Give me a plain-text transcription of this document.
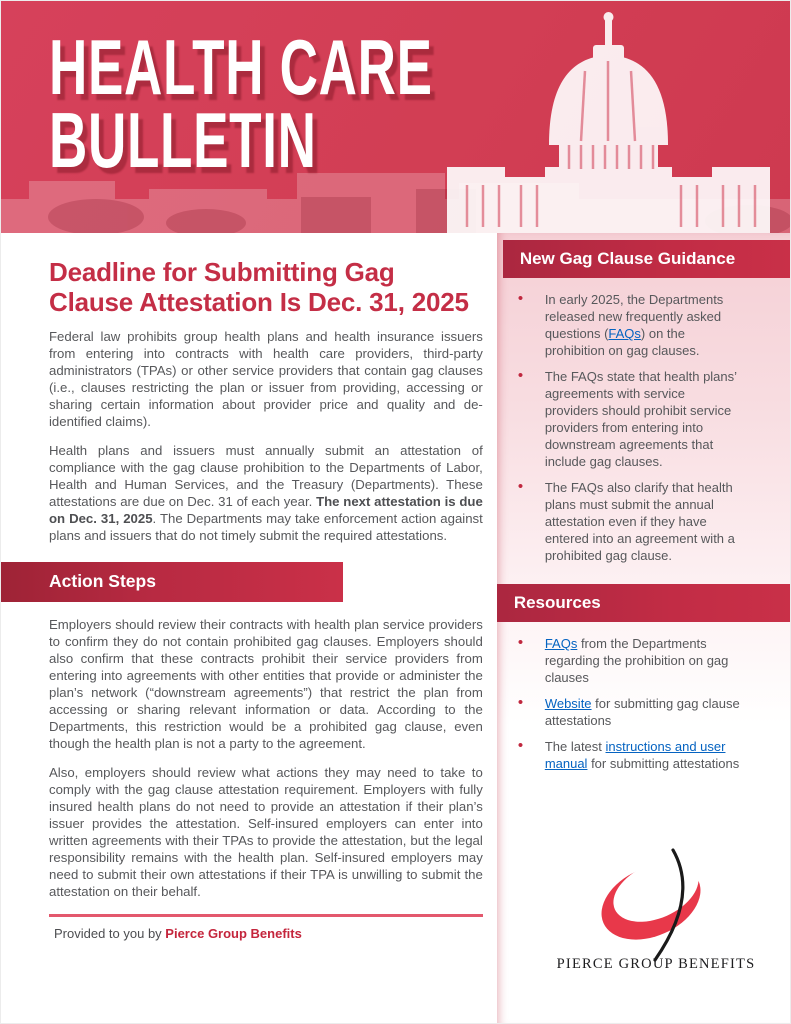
HEALTH CARE
BULLETIN
Deadline for Submitting Gag Clause Attestation Is Dec. 31, 2025

Federal law prohibits group health plans and health insurance issuers from entering into contracts with health care providers, third-party administrators (TPAs) or other service providers that contain gag clauses (i.e., clauses restricting the plan or issuer from providing, accessing or sharing certain information about provider price and quality and de-identified claims).

Health plans and issuers must annually submit an attestation of compliance with the gag clause prohibition to the Departments of Labor, Health and Human Services, and the Treasury (Departments). These attestations are due on Dec. 31 of each year. The next attestation is due on Dec. 31, 2025. The Departments may take enforcement action against plans and issuers that do not timely submit the required attestations.

Action Steps

Employers should review their contracts with health plan service providers to confirm they do not contain prohibited gag clauses. Employers should also confirm that these contracts prohibit their service providers from entering into agreements with other entities that provide or administer the plan’s network (“downstream agreements”) that restrict the plan from accessing or sharing relevant information or data. According to the Departments, this restriction would be a prohibited gag clause, even though the health plan is not a party to the agreement.

Also, employers should review what actions they may need to take to comply with the gag clause attestation requirement. Employers with fully insured health plans do not need to provide an attestation if their plan’s issuer provides the attestation. Self-insured employers can enter into written agreements with their TPAs to provide the attestation, but the legal responsibility remains with the health plan. Self-insured employers may need to submit their own attestations if their TPA is unwilling to submit the attestation on their behalf.

Provided to you by Pierce Group Benefits

New Gag Clause Guidance
• In early 2025, the Departments released new frequently asked questions (FAQs) on the prohibition on gag clauses.
• The FAQs state that health plans’ agreements with service providers should prohibit service providers from entering into downstream agreements that include gag clauses.
• The FAQs also clarify that health plans must submit the annual attestation even if they have entered into an agreement with a prohibited gag clause.
Resources
• FAQs from the Departments regarding the prohibition on gag clauses
• Website for submitting gag clause attestations
• The latest instructions and user manual for submitting attestations
PIERCE GROUP BENEFITS
